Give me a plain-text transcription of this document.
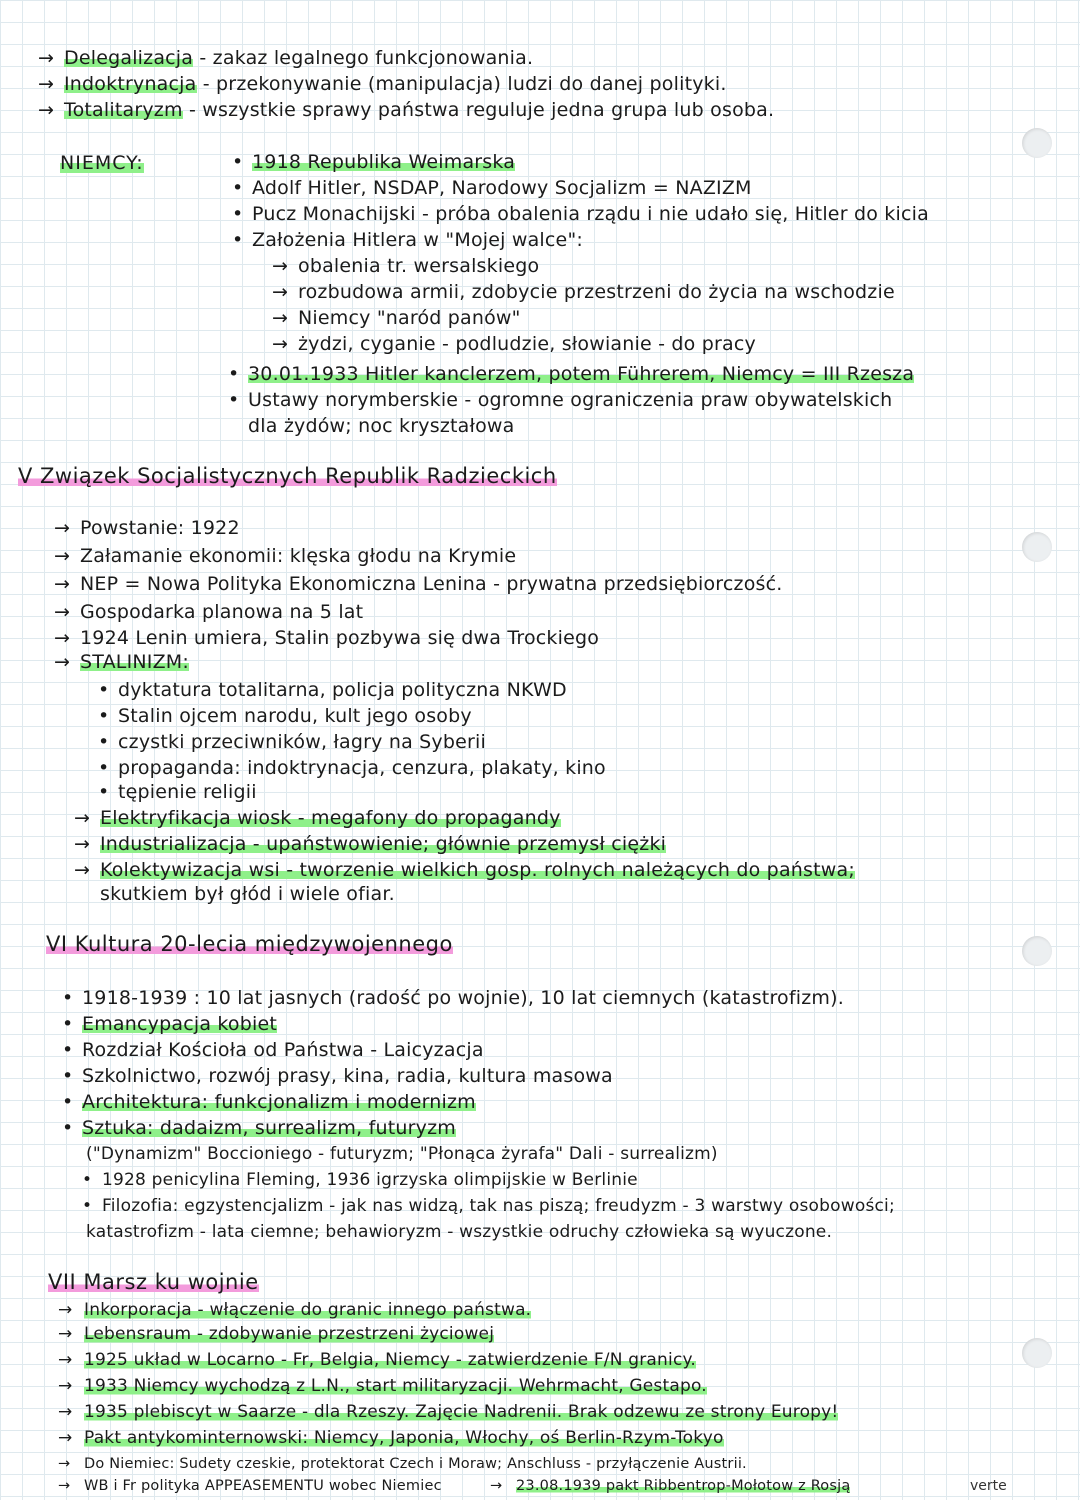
→ Delegalizacja - zakaz legalnego funkcjonowania.
→ Indoktrynacja - przekonywanie (manipulacja) ludzi do danej polityki.
→ Totalitaryzm - wszystkie sprawy państwa reguluje jedna grupa lub osoba.
NIEMCY:	• 1918 Republika Weimarska
• Adolf Hitler, NSDAP, Narodowy Socjalizm = NAZIZM
• Pucz Monachijski - próba obalenia rządu i nie udało się, Hitler do kicia
• Założenia Hitlera w "Mojej walce":
→ obalenia tr. wersalskiego
→ rozbudowa armii, zdobycie przestrzeni do życia na wschodzie
→ Niemcy "naród panów"
→ żydzi, cyganie - podludzie, słowianie - do pracy
• 30.01.1933 Hitler kanclerzem, potem Führerem, Niemcy = III Rzesza
• Ustawy norymberskie - ogromne ograniczenia praw obywatelskich
dla żydów; noc kryształowa
V Związek Socjalistycznych Republik Radzieckich
→ Powstanie: 1922
→ Załamanie ekonomii: klęska głodu na Krymie
→ NEP = Nowa Polityka Ekonomiczna Lenina - prywatna przedsiębiorczość.
→ Gospodarka planowa na 5 lat
→ 1924 Lenin umiera, Stalin pozbywa się dwa Trockiego
→ STALINIZM:
• dyktatura totalitarna, policja polityczna NKWD
• Stalin ojcem narodu, kult jego osoby
• czystki przeciwników, łagry na Syberii
• propaganda: indoktrynacja, cenzura, plakaty, kino
• tępienie religii
→ Elektryfikacja wiosk - megafony do propagandy
→ Industrializacja - upaństwowienie; głównie przemysł ciężki
→ Kolektywizacja wsi - tworzenie wielkich gosp. rolnych należących do państwa;
skutkiem był głód i wiele ofiar.
VI Kultura 20-lecia międzywojennego
• 1918-1939 : 10 lat jasnych (radość po wojnie), 10 lat ciemnych (katastrofizm).
• Emancypacja kobiet
• Rozdział Kościoła od Państwa - Laicyzacja
• Szkolnictwo, rozwój prasy, kina, radia, kultura masowa
• Architektura: funkcjonalizm i modernizm
• Sztuka: dadaizm, surrealizm, futuryzm
("Dynamizm" Boccioniego - futuryzm; "Płonąca żyrafa" Dali - surrealizm)
• 1928 penicylina Fleming, 1936 igrzyska olimpijskie w Berlinie
• Filozofia: egzystencjalizm - jak nas widzą, tak nas piszą; freudyzm - 3 warstwy osobowości;
katastrofizm - lata ciemne; behawioryzm - wszystkie odruchy człowieka są wyuczone.
VII Marsz ku wojnie
→ Inkorporacja - włączenie do granic innego państwa.
→ Lebensraum - zdobywanie przestrzeni życiowej
→ 1925 układ w Locarno - Fr, Belgia, Niemcy - zatwierdzenie F/N granicy.
→ 1933 Niemcy wychodzą z L.N., start militaryzacji. Wehrmacht, Gestapo.
→ 1935 plebiscyt w Saarze - dla Rzeszy. Zajęcie Nadrenii. Brak odzewu ze strony Europy!
→ Pakt antykominternowski: Niemcy, Japonia, Włochy, oś Berlin-Rzym-Tokyo
→ Do Niemiec: Sudety czeskie, protektorat Czech i Moraw; Anschluss - przyłączenie Austrii.
→ WB i Fr polityka APPEASEMENTU wobec Niemiec	→ 23.08.1939 pakt Ribbentrop-Mołotow z Rosją	verte
